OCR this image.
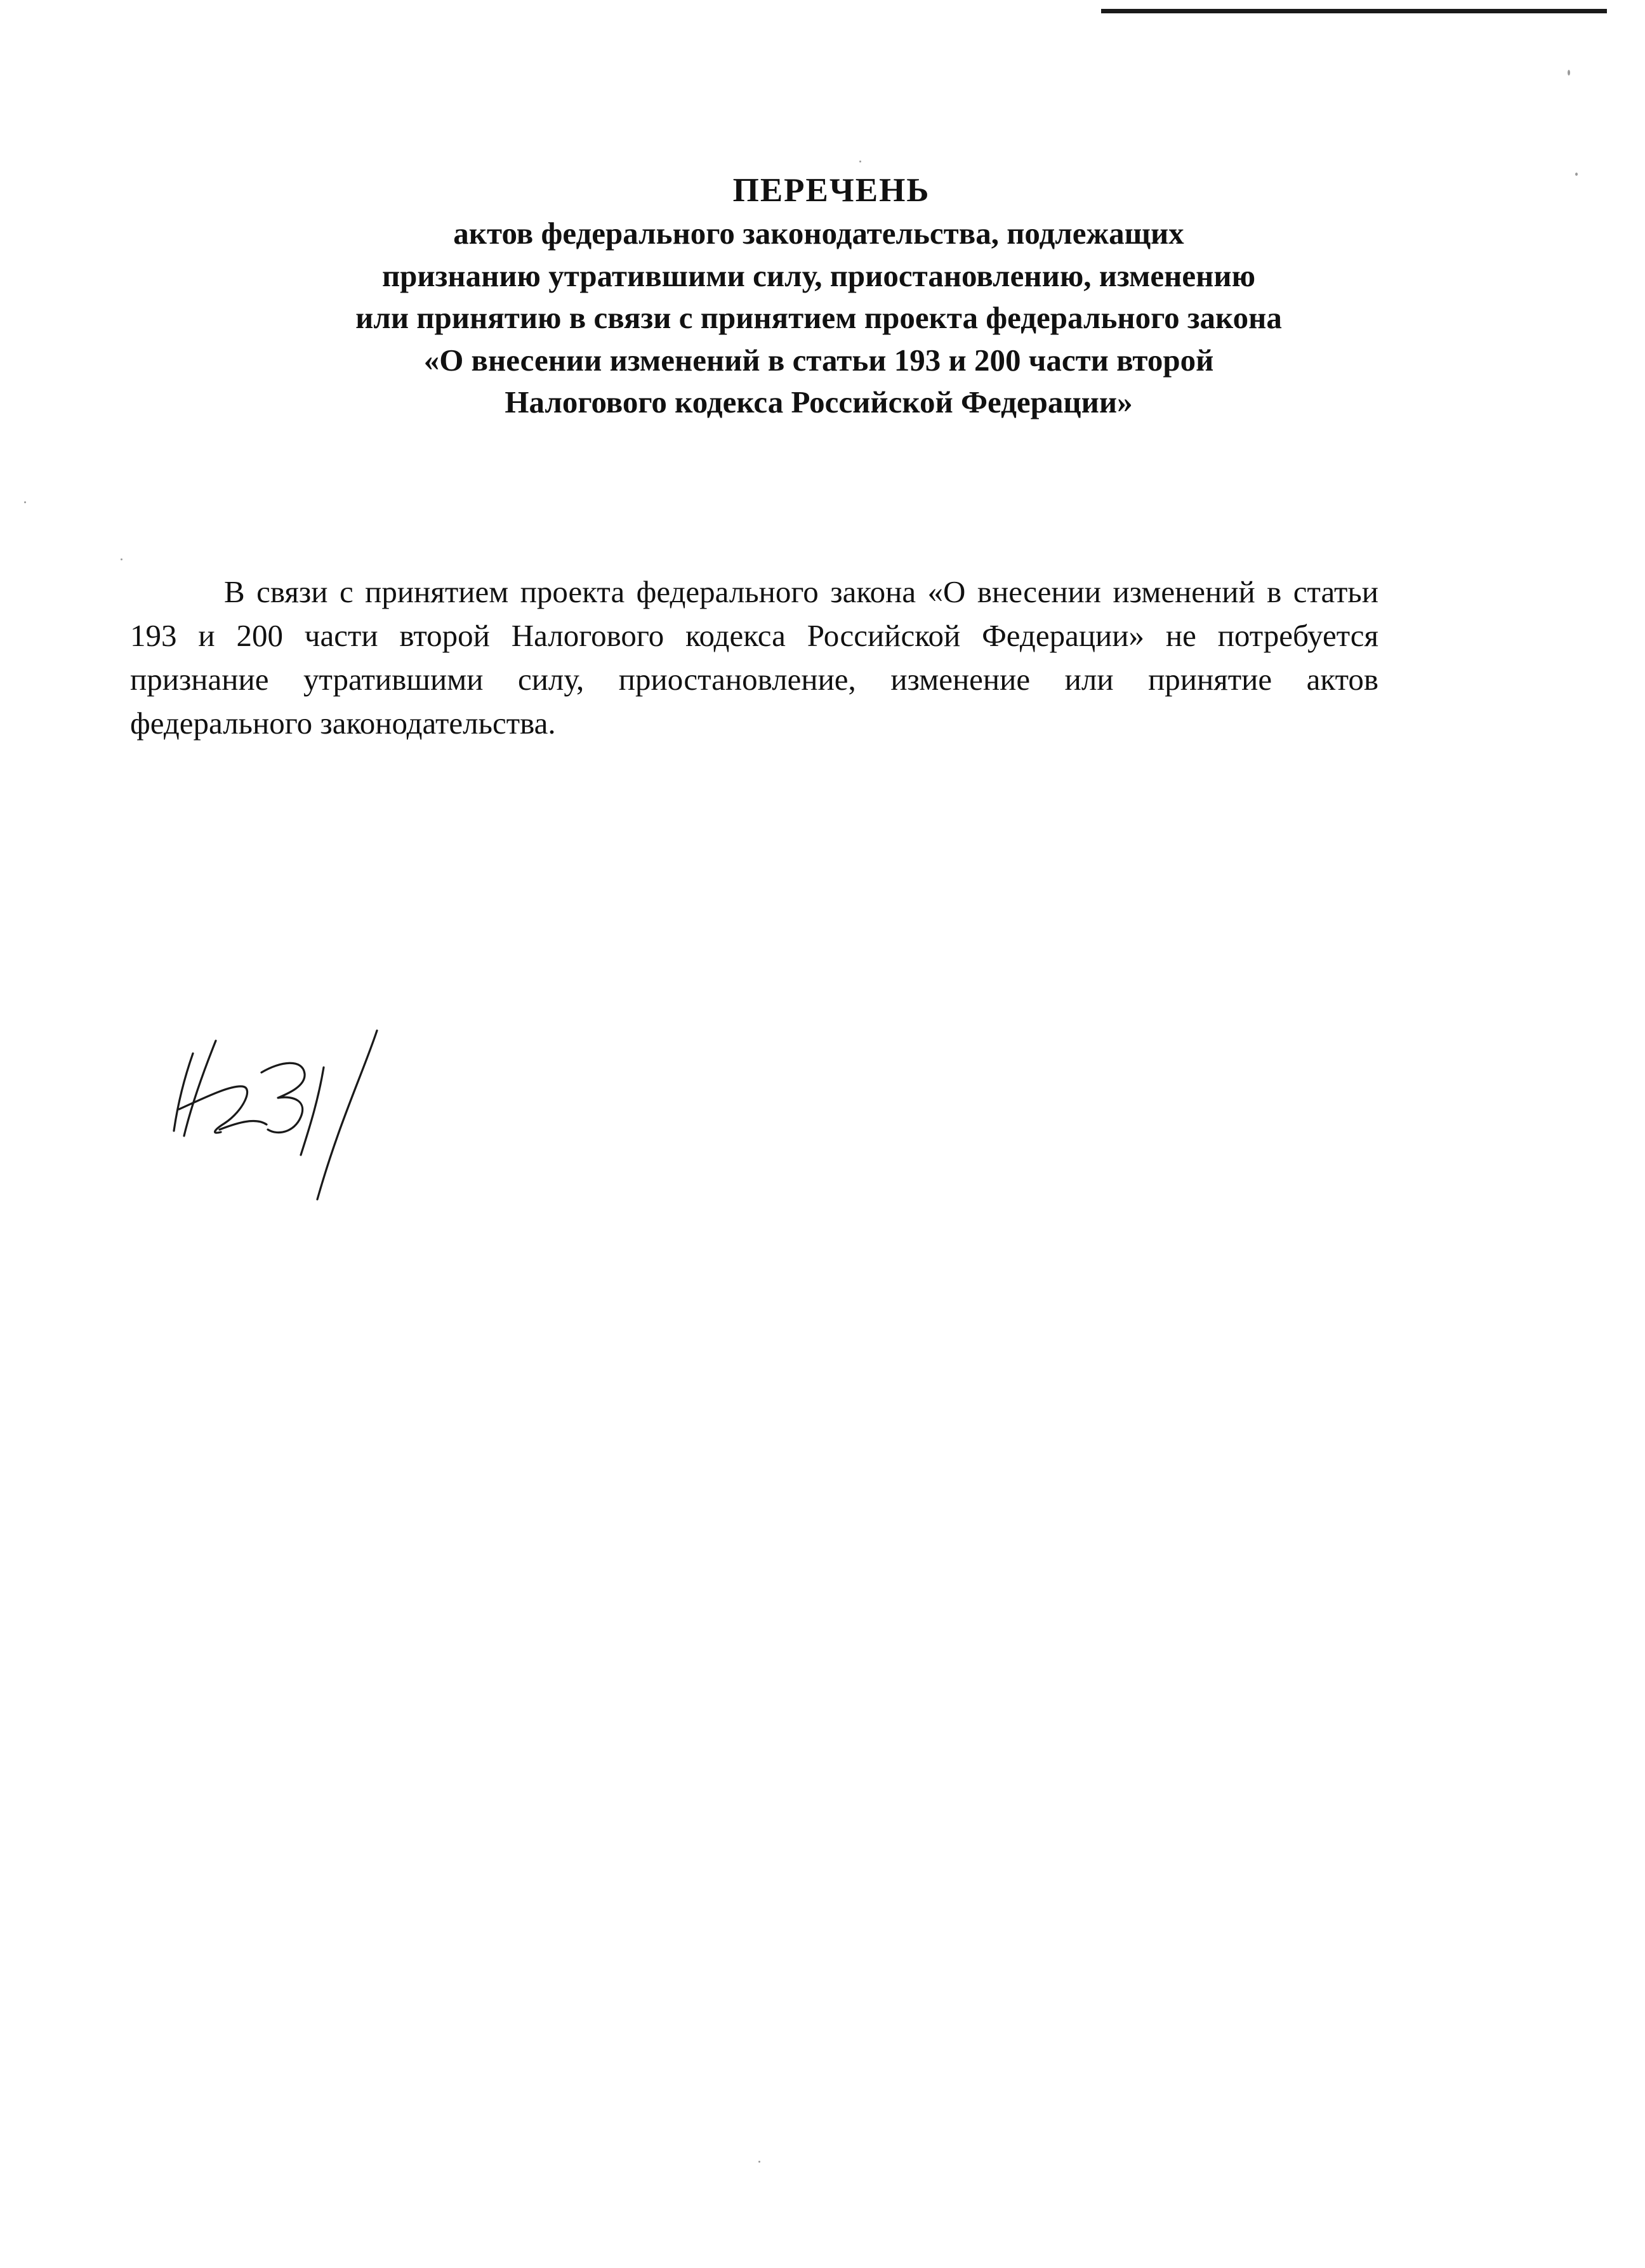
ПЕРЕЧЕНЬ
актов федерального законодательства, подлежащих
признанию утратившими силу, приостановлению, изменению
или принятию в связи с принятием проекта федерального закона
«О внесении изменений в статьи 193 и 200 части второй
Налогового кодекса Российской Федерации»

В связи с принятием проекта федерального закона «О внесении изменений в статьи 193 и 200 части второй Налогового кодекса Российской Федерации» не потребуется признание утратившими силу, приостановление, изменение или принятие актов федерального законодательства.
